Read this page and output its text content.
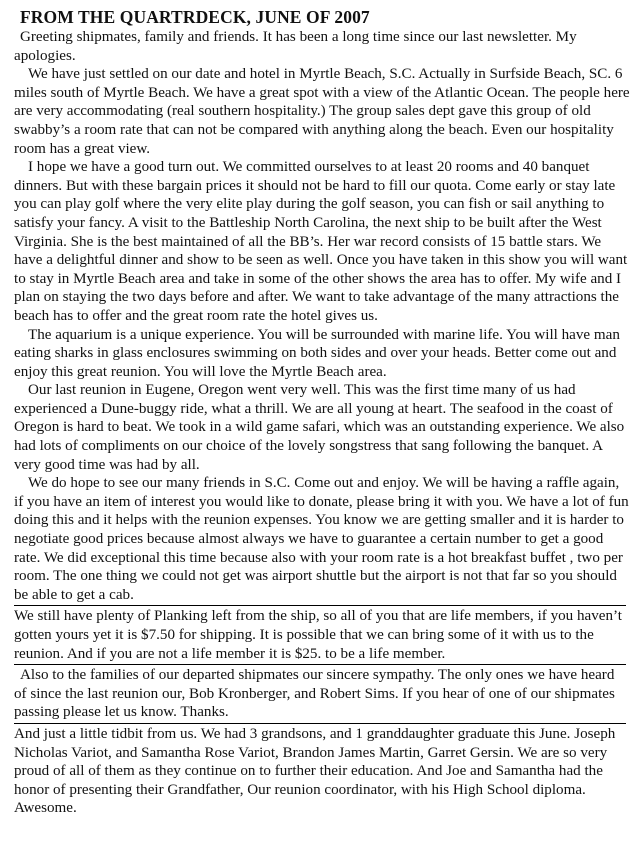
FROM THE QUARTRDECK, JUNE OF 2007

Greeting shipmates, family and friends. It has been a long time since our last newsletter. My apologies.

We have just settled on our date and hotel in Myrtle Beach, S.C. Actually in Surfside Beach, SC. 6 miles south of Myrtle Beach. We have a great spot with a view of the Atlantic Ocean. The people here are very accommodating (real southern hospitality.) The group sales dept gave this group of old swabby’s a room rate that can not be compared with anything along the beach. Even our hospitality room has a great view.

I hope we have a good turn out. We committed ourselves to at least 20 rooms and 40 banquet dinners. But with these bargain prices it should not be hard to fill our quota. Come early or stay late you can play golf where the very elite play during the golf season, you can fish or sail anything to satisfy your fancy. A visit to the Battleship North Carolina, the next ship to be built after the West Virginia. She is the best maintained of all the BB’s. Her war record consists of 15 battle stars. We have a delightful dinner and show to be seen as well. Once you have taken in this show you will want to stay in Myrtle Beach area and take in some of the other shows the area has to offer. My wife and I plan on staying the two days before and after. We want to take advantage of the many attractions the beach has to offer and the great room rate the hotel gives us.

The aquarium is a unique experience. You will be surrounded with marine life. You will have man eating sharks in glass enclosures swimming on both sides and over your heads. Better come out and enjoy this great reunion. You will love the Myrtle Beach area.

Our last reunion in Eugene, Oregon went very well. This was the first time many of us had experienced a Dune-buggy ride, what a thrill. We are all young at heart. The seafood in the coast of Oregon is hard to beat. We took in a wild game safari, which was an outstanding experience. We also had lots of compliments on our choice of the lovely songstress that sang following the banquet. A very good time was had by all.

We do hope to see our many friends in S.C. Come out and enjoy. We will be having a raffle again, if you have an item of interest you would like to donate, please bring it with you. We have a lot of fun doing this and it helps with the reunion expenses. You know we are getting smaller and it is harder to negotiate good prices because almost always we have to guarantee a certain number to get a good rate. We did exceptional this time because also with your room rate is a hot breakfast buffet , two per room. The one thing we could not get was airport shuttle but the airport is not that far so you should be able to get a cab.

We still have plenty of Planking left from the ship, so all of you that are life members, if you haven’t gotten yours yet it is $7.50 for shipping. It is possible that we can bring some of it with us to the reunion. And if you are not a life member it is $25. to be a life member.

Also to the families of our departed shipmates our sincere sympathy. The only ones we have heard of since the last reunion our, Bob Kronberger, and Robert Sims. If you hear of one of our shipmates passing please let us know. Thanks.

And just a little tidbit from us. We had 3 grandsons, and 1 granddaughter graduate this June. Joseph Nicholas Variot, and Samantha Rose Variot, Brandon James Martin, Garret Gersin. We are so very proud of all of them as they continue on to further their education. And Joe and Samantha had the honor of presenting their Grandfather, Our reunion coordinator, with his High School diploma. Awesome.
